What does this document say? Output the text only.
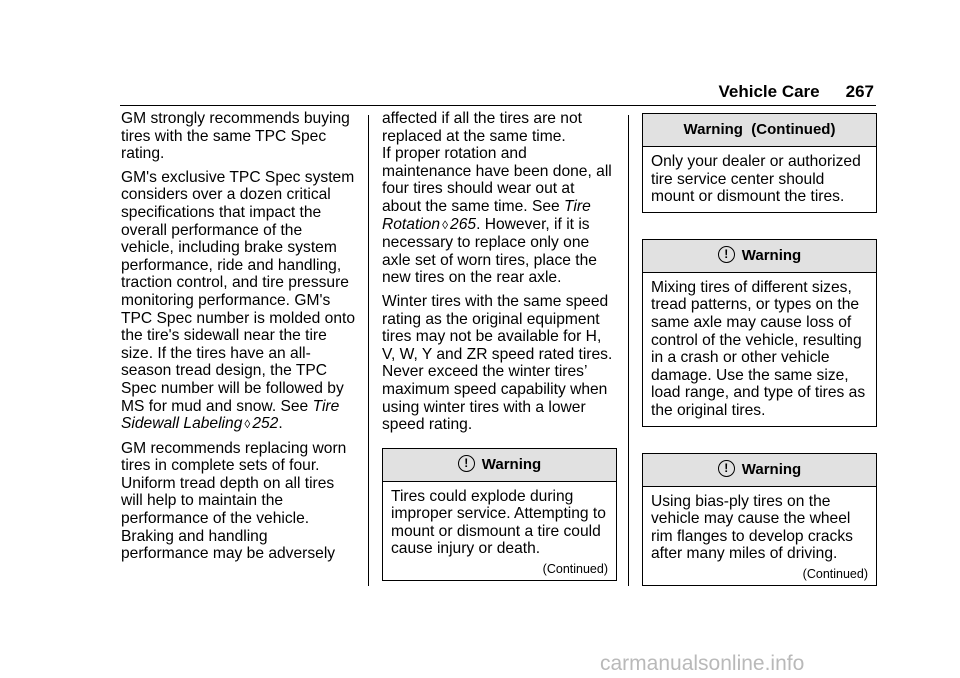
Vehicle Care 267

GM strongly recommends buying tires with the same TPC Spec rating.

GM's exclusive TPC Spec system considers over a dozen critical specifications that impact the overall performance of the vehicle, including brake system performance, ride and handling, traction control, and tire pressure monitoring performance. GM's TPC Spec number is molded onto the tire's sidewall near the tire size. If the tires have an all-season tread design, the TPC Spec number will be followed by MS for mud and snow. See Tire Sidewall Labeling ◊ 252.

GM recommends replacing worn tires in complete sets of four. Uniform tread depth on all tires will help to maintain the performance of the vehicle. Braking and handling performance may be adversely

affected if all the tires are not replaced at the same time.

If proper rotation and maintenance have been done, all four tires should wear out at about the same time. See Tire Rotation ◊ 265. However, if it is necessary to replace only one axle set of worn tires, place the new tires on the rear axle.

Winter tires with the same speed rating as the original equipment tires may not be available for H, V, W, Y and ZR speed rated tires. Never exceed the winter tires’ maximum speed capability when using winter tires with a lower speed rating.

! Warning

Tires could explode during improper service. Attempting to mount or dismount a tire could cause injury or death.

(Continued)
Warning  (Continued)

Only your dealer or authorized tire service center should mount or dismount the tires.

! Warning

Mixing tires of different sizes, tread patterns, or types on the same axle may cause loss of control of the vehicle, resulting in a crash or other vehicle damage. Use the same size, load range, and type of tires as the original tires.

! Warning

Using bias-ply tires on the vehicle may cause the wheel rim flanges to develop cracks after many miles of driving.

(Continued)
carmanualsonline.info
